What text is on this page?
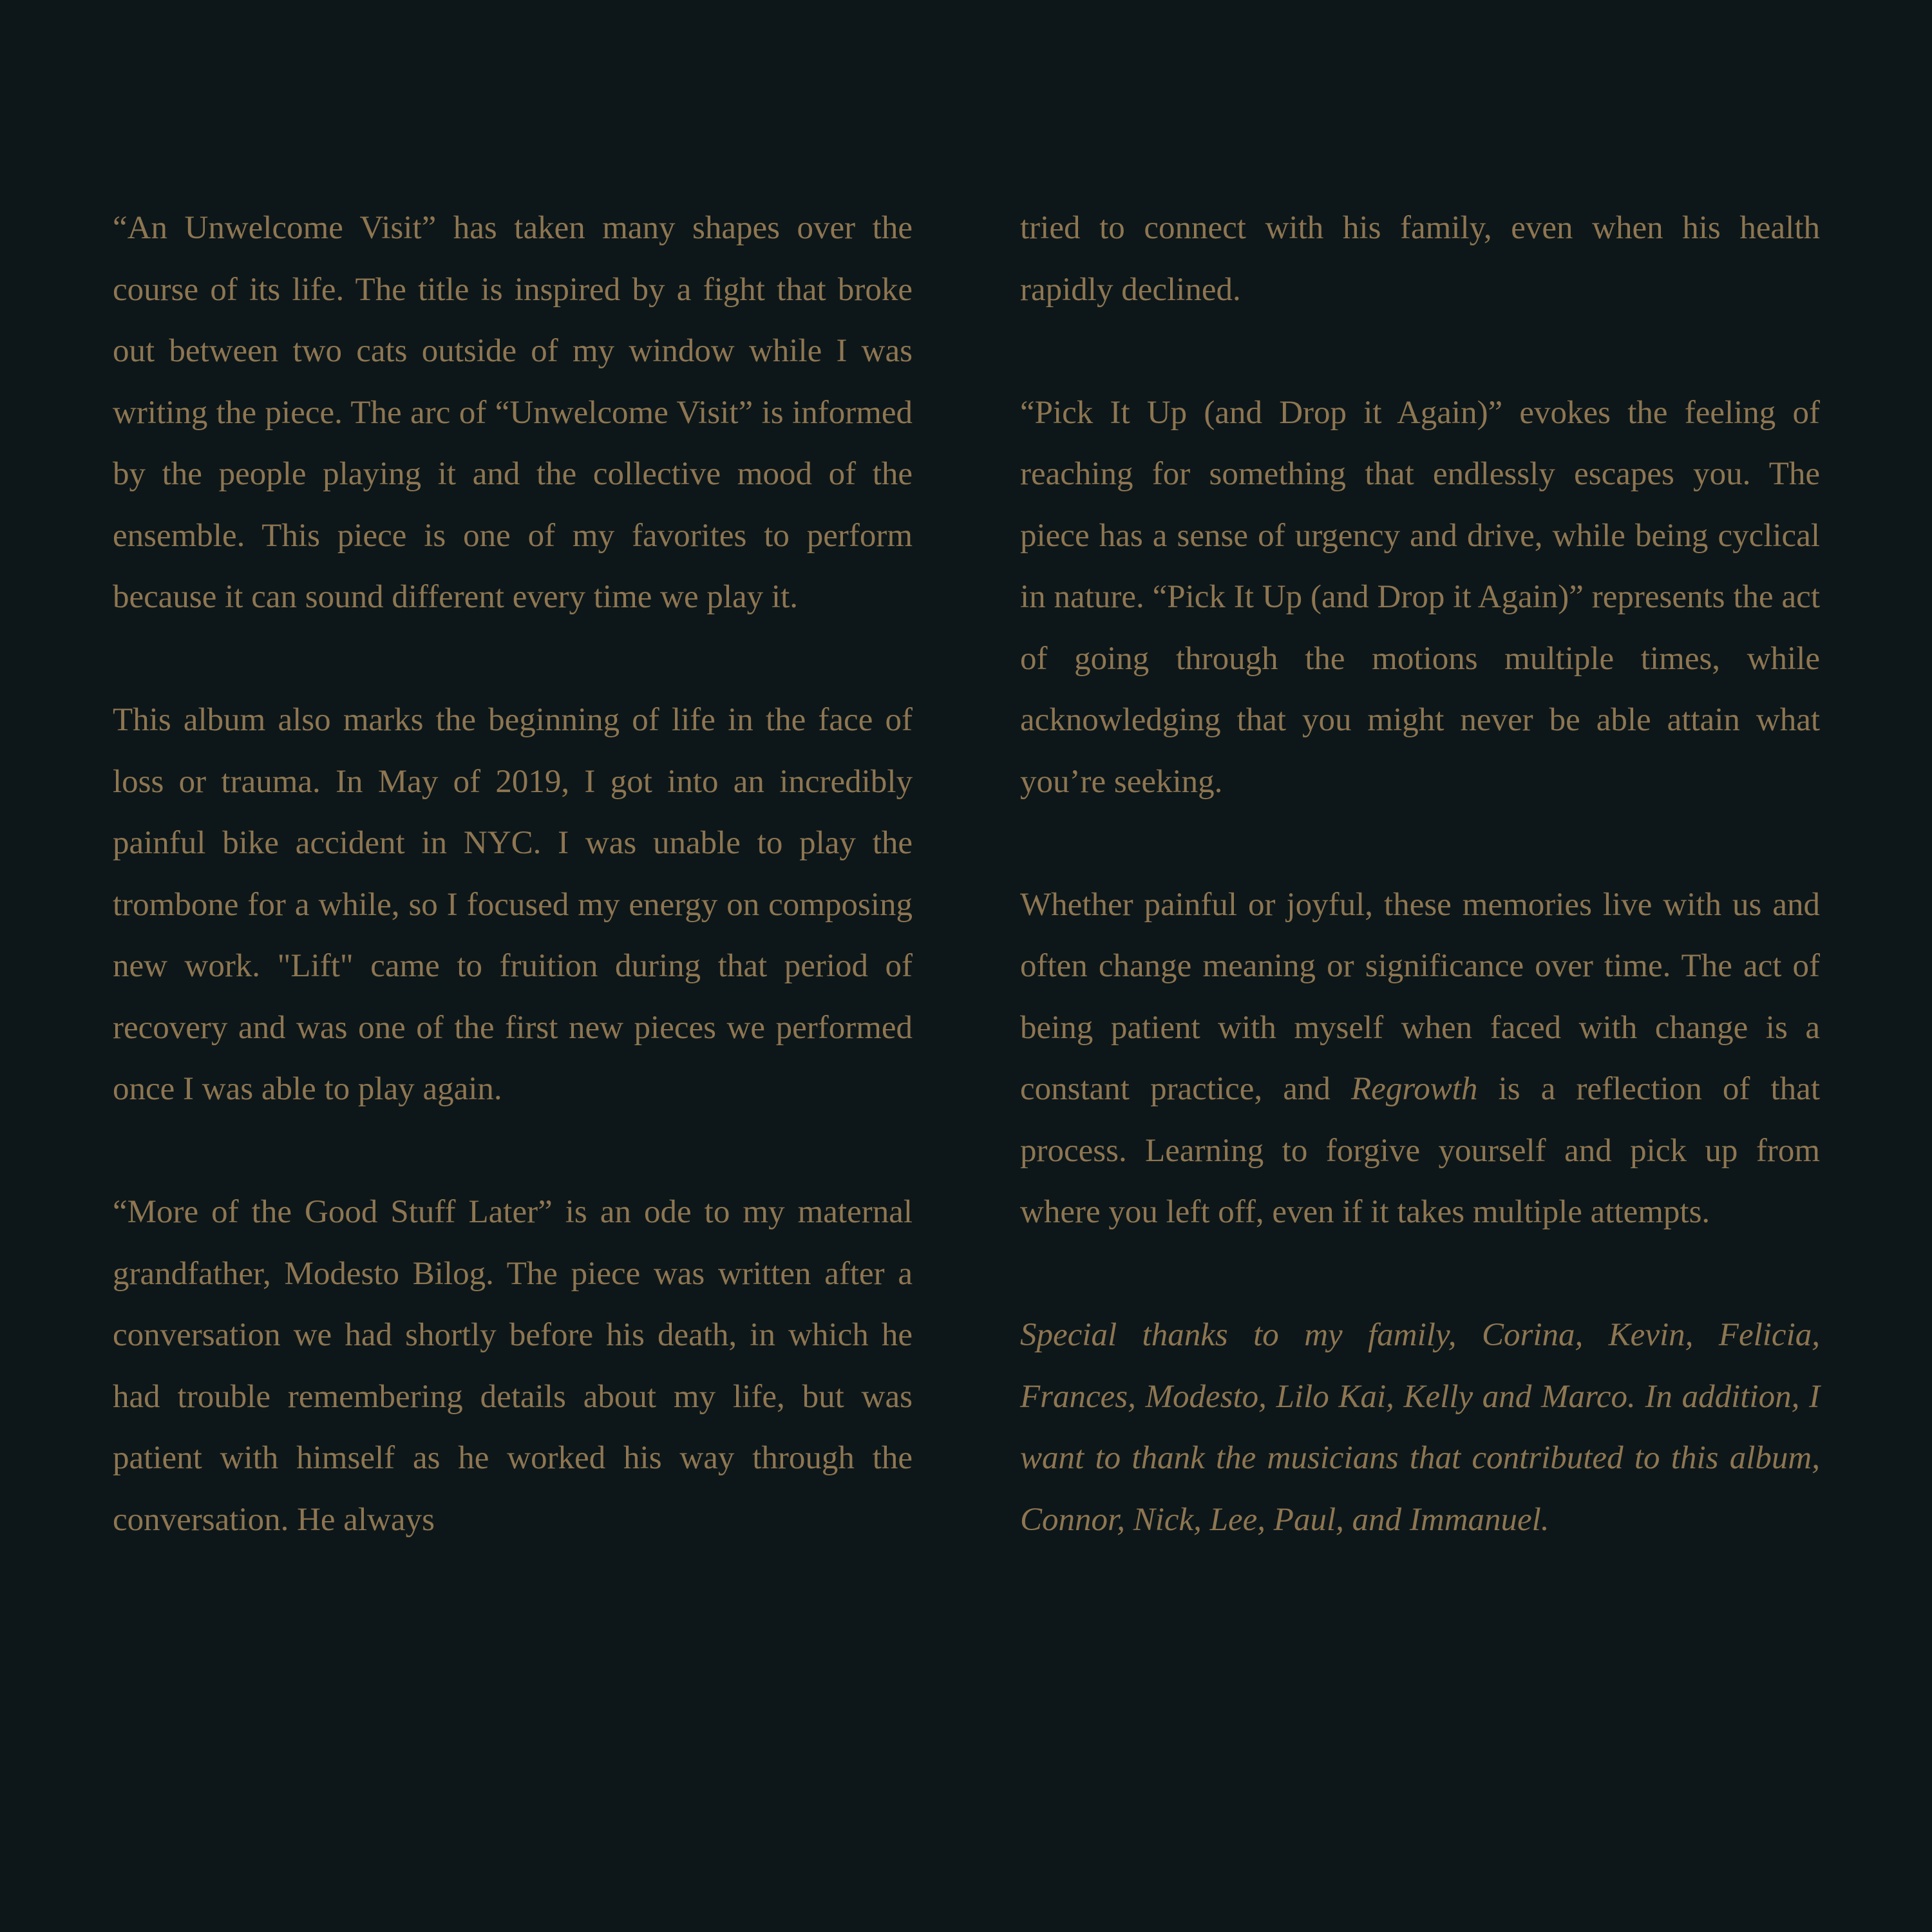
“An Unwelcome Visit” has taken many shapes over the course of its life. The title is inspired by a fight that broke out between two cats outside of my window while I was writing the piece. The arc of “Unwelcome Visit” is informed by the people playing it and the collective mood of the ensemble. This piece is one of my favorites to perform because it can sound different every time we play it.

This album also marks the beginning of life in the face of loss or trauma. In May of 2019, I got into an incredibly painful bike accident in NYC. I was unable to play the trombone for a while, so I focused my energy on composing new work. "Lift" came to fruition during that period of recovery and was one of the first new pieces we performed once I was able to play again.

“More of the Good Stuff Later” is an ode to my maternal grandfather, Modesto Bilog. The piece was written after a conversation we had shortly before his death, in which he had trouble remembering details about my life, but was patient with himself as he worked his way through the conversation. He always

tried to connect with his family, even when his health rapidly declined.

“Pick It Up (and Drop it Again)” evokes the feeling of reaching for something that endlessly escapes you. The piece has a sense of urgency and drive, while being cyclical in nature. “Pick It Up (and Drop it Again)” represents the act of going through the motions multiple times, while acknowledging that you might never be able attain what you’re seeking.

Whether painful or joyful, these memories live with us and often change meaning or significance over time. The act of being patient with myself when faced with change is a constant practice, and Regrowth is a reflection of that process. Learning to forgive yourself and pick up from where you left off, even if it takes multiple attempts.

Special thanks to my family, Corina, Kevin, Felicia, Frances, Modesto, Lilo Kai, Kelly and Marco. In addition, I want to thank the musicians that contributed to this album, Connor, Nick, Lee, Paul, and Immanuel.
